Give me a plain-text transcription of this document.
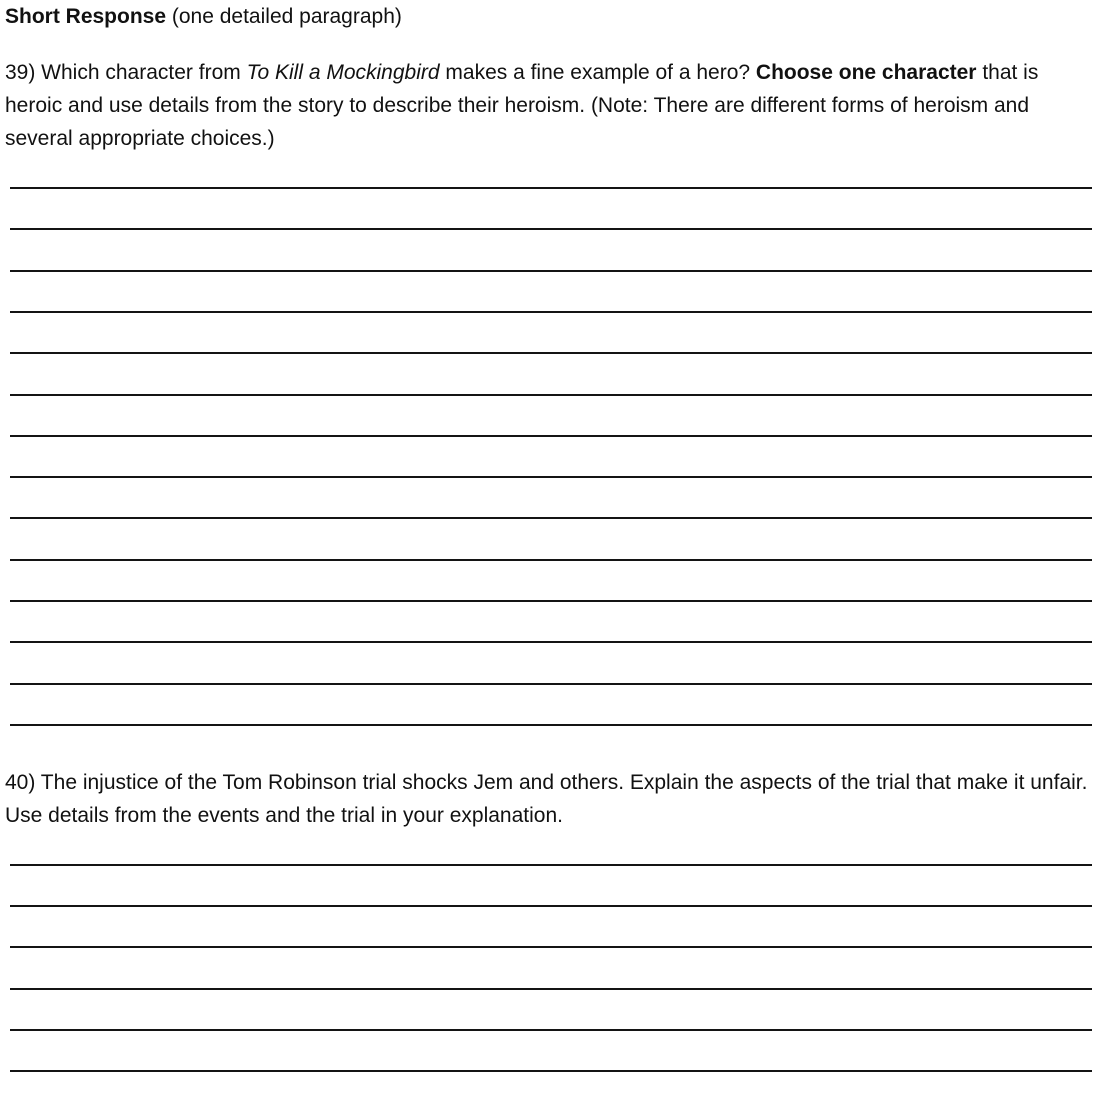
Short Response (one detailed paragraph)
39) Which character from To Kill a Mockingbird makes a fine example of a hero? Choose one character that is heroic and use details from the story to describe their heroism. (Note: There are different forms of heroism and several appropriate choices.)
40) The injustice of the Tom Robinson trial shocks Jem and others. Explain the aspects of the trial that make it unfair. Use details from the events and the trial in your explanation.
